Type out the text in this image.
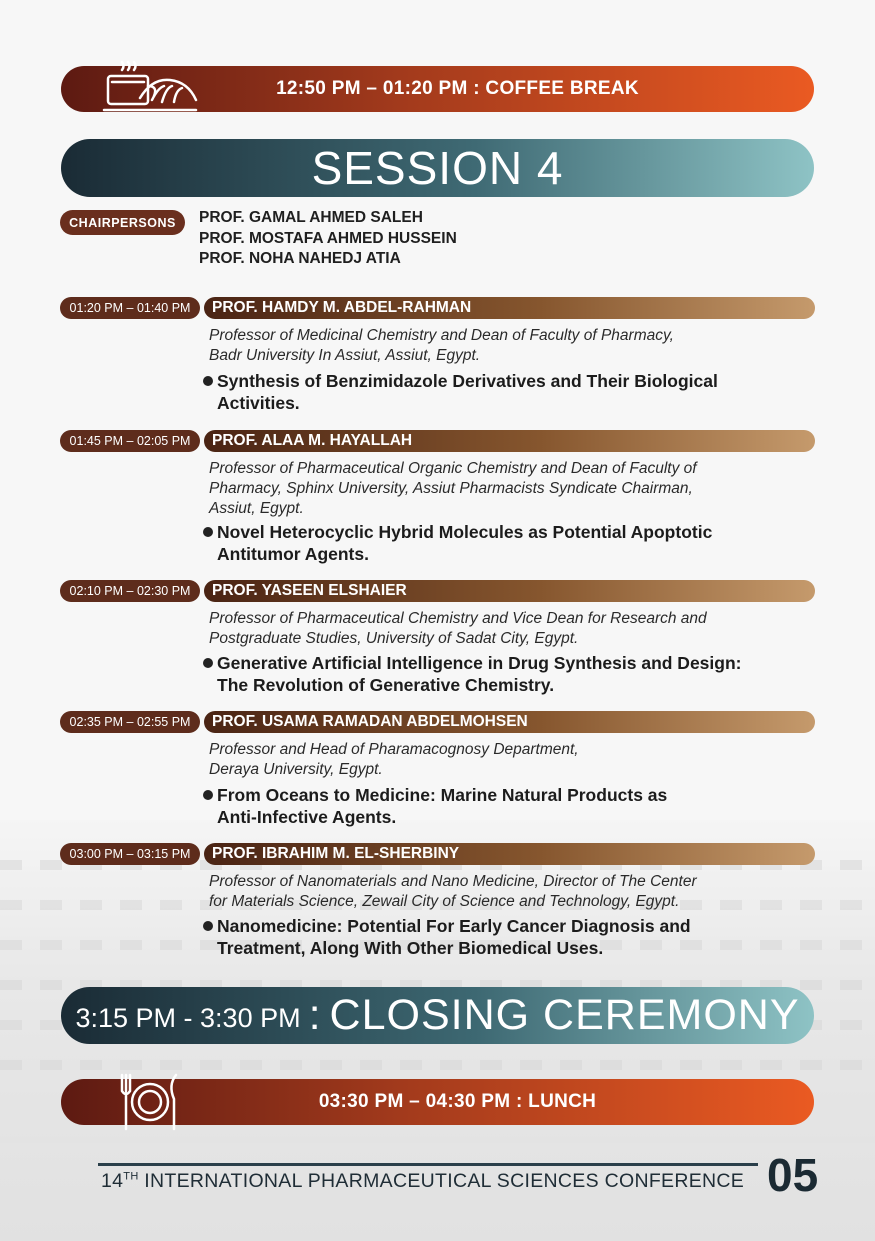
12:50 PM – 01:20 PM : COFFEE BREAK
SESSION 4
CHAIRPERSONS PROF. GAMAL AHMED SALEH
PROF. MOSTAFA AHMED HUSSEIN
PROF. NOHA NAHEDJ ATIA
01:20 PM – 01:40 PM PROF. HAMDY M. ABDEL-RAHMAN
Professor of Medicinal Chemistry and Dean of Faculty of Pharmacy,
Badr University In Assiut, Assiut, Egypt.
Synthesis of Benzimidazole Derivatives and Their Biological
Activities.
01:45 PM – 02:05 PM PROF. ALAA M. HAYALLAH
Professor of Pharmaceutical Organic Chemistry and Dean of Faculty of
Pharmacy, Sphinx University, Assiut Pharmacists Syndicate Chairman,
Assiut, Egypt.
Novel Heterocyclic Hybrid Molecules as Potential Apoptotic
Antitumor Agents.
02:10 PM – 02:30 PM PROF. YASEEN ELSHAIER
Professor of Pharmaceutical Chemistry and Vice Dean for Research and
Postgraduate Studies, University of Sadat City, Egypt.
Generative Artificial Intelligence in Drug Synthesis and Design:
The Revolution of Generative Chemistry.
02:35 PM – 02:55 PM PROF. USAMA RAMADAN ABDELMOHSEN
Professor and Head of Pharamacognosy Department,
Deraya University, Egypt.
From Oceans to Medicine: Marine Natural Products as
Anti-Infective Agents.
03:00 PM – 03:15 PM PROF. IBRAHIM M. EL-SHERBINY
Professor of Nanomaterials and Nano Medicine, Director of The Center
for Materials Science, Zewail City of Science and Technology, Egypt.
Nanomedicine: Potential For Early Cancer Diagnosis and
Treatment, Along With Other Biomedical Uses.
3:15 PM - 3:30 PM : CLOSING CEREMONY
03:30 PM – 04:30 PM : LUNCH
14TH INTERNATIONAL PHARMACEUTICAL SCIENCES CONFERENCE 05
